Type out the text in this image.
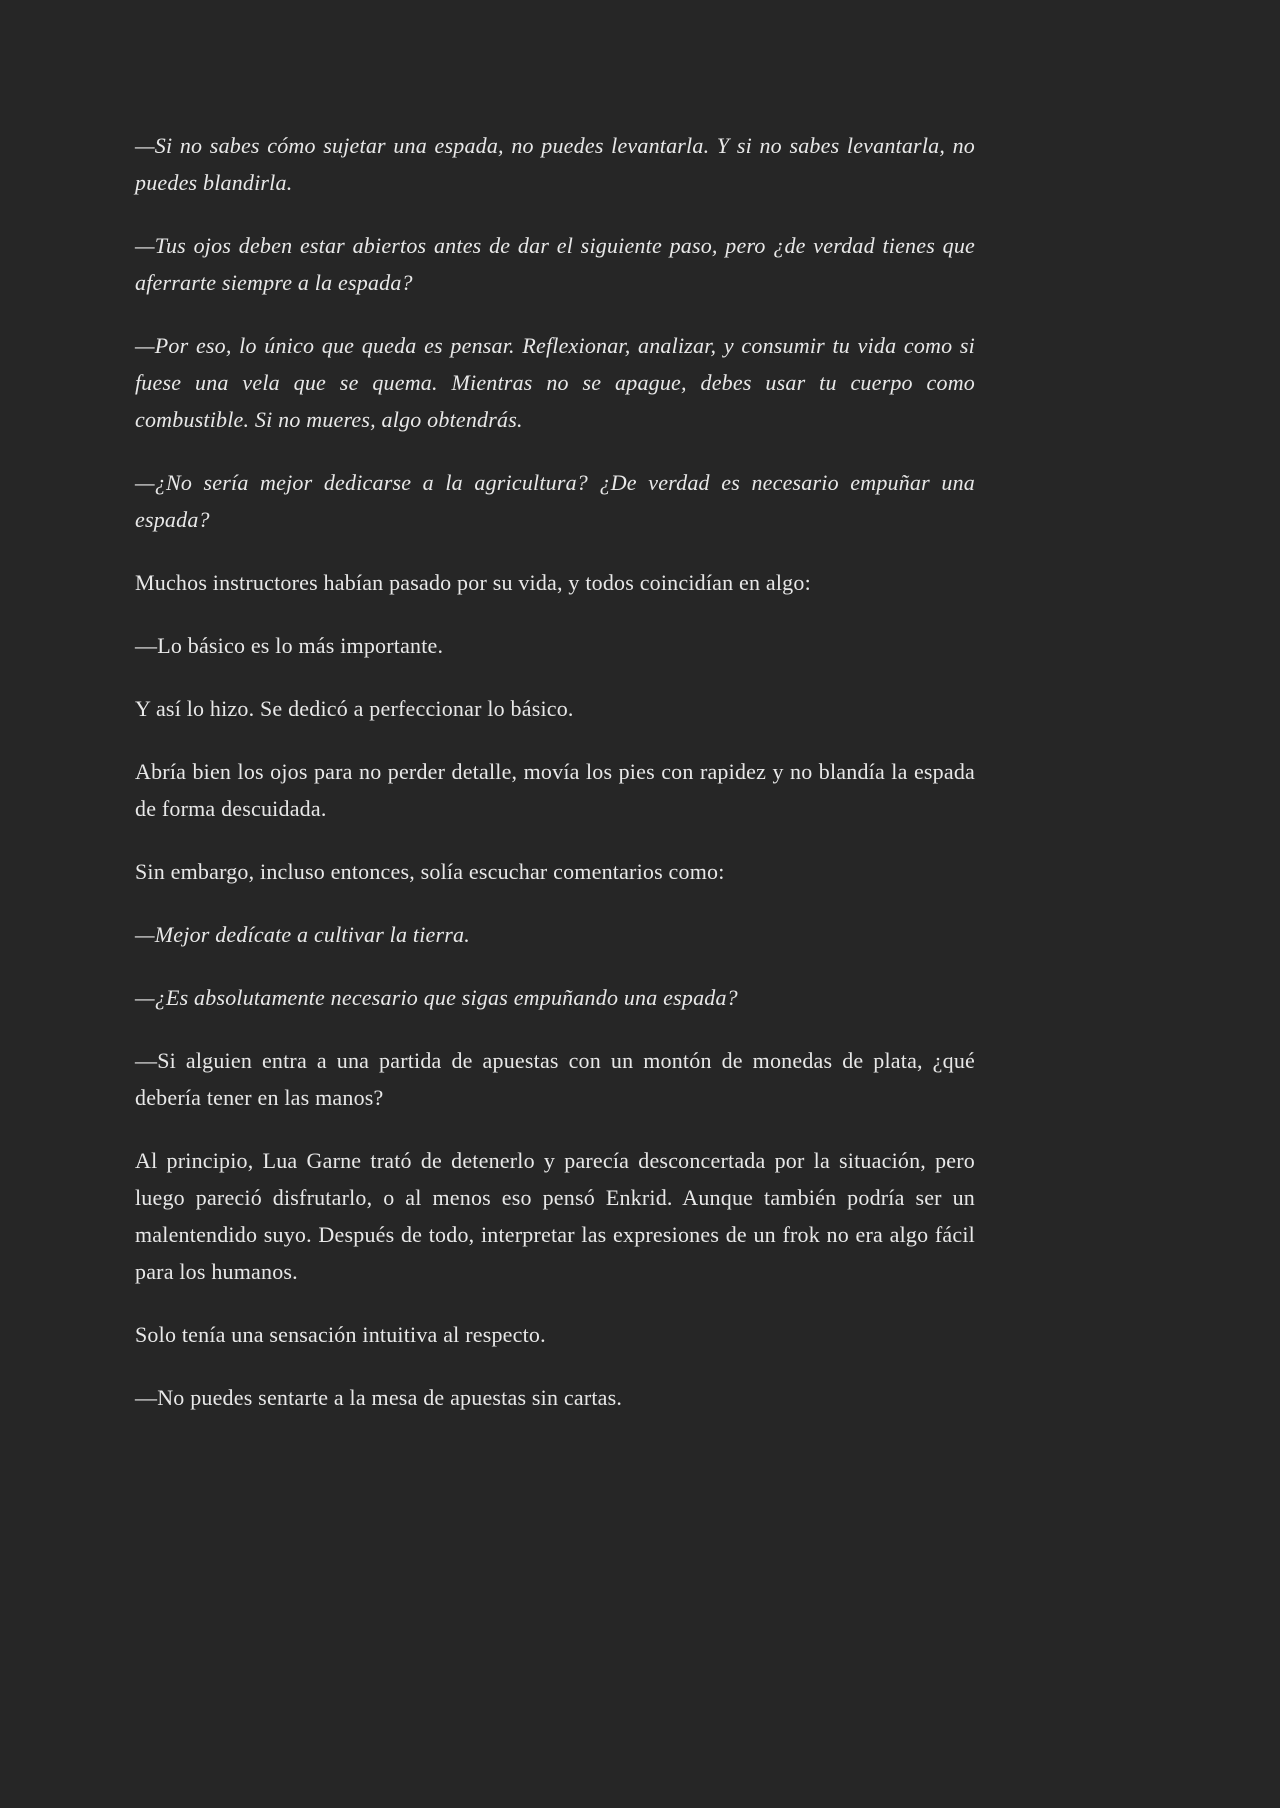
—Si no sabes cómo sujetar una espada, no puedes levantarla. Y si no sabes levantarla, no puedes blandirla.

—Tus ojos deben estar abiertos antes de dar el siguiente paso, pero ¿de verdad tienes que aferrarte siempre a la espada?

—Por eso, lo único que queda es pensar. Reflexionar, analizar, y consumir tu vida como si fuese una vela que se quema. Mientras no se apague, debes usar tu cuerpo como combustible. Si no mueres, algo obtendrás.

—¿No sería mejor dedicarse a la agricultura? ¿De verdad es necesario empuñar una espada?

Muchos instructores habían pasado por su vida, y todos coincidían en algo:

—Lo básico es lo más importante.

Y así lo hizo. Se dedicó a perfeccionar lo básico.

Abría bien los ojos para no perder detalle, movía los pies con rapidez y no blandía la espada de forma descuidada.

Sin embargo, incluso entonces, solía escuchar comentarios como:

—Mejor dedícate a cultivar la tierra.

—¿Es absolutamente necesario que sigas empuñando una espada?

—Si alguien entra a una partida de apuestas con un montón de monedas de plata, ¿qué debería tener en las manos?

Al principio, Lua Garne trató de detenerlo y parecía desconcertada por la situación, pero luego pareció disfrutarlo, o al menos eso pensó Enkrid. Aunque también podría ser un malentendido suyo. Después de todo, interpretar las expresiones de un frok no era algo fácil para los humanos.

Solo tenía una sensación intuitiva al respecto.

—No puedes sentarte a la mesa de apuestas sin cartas.
